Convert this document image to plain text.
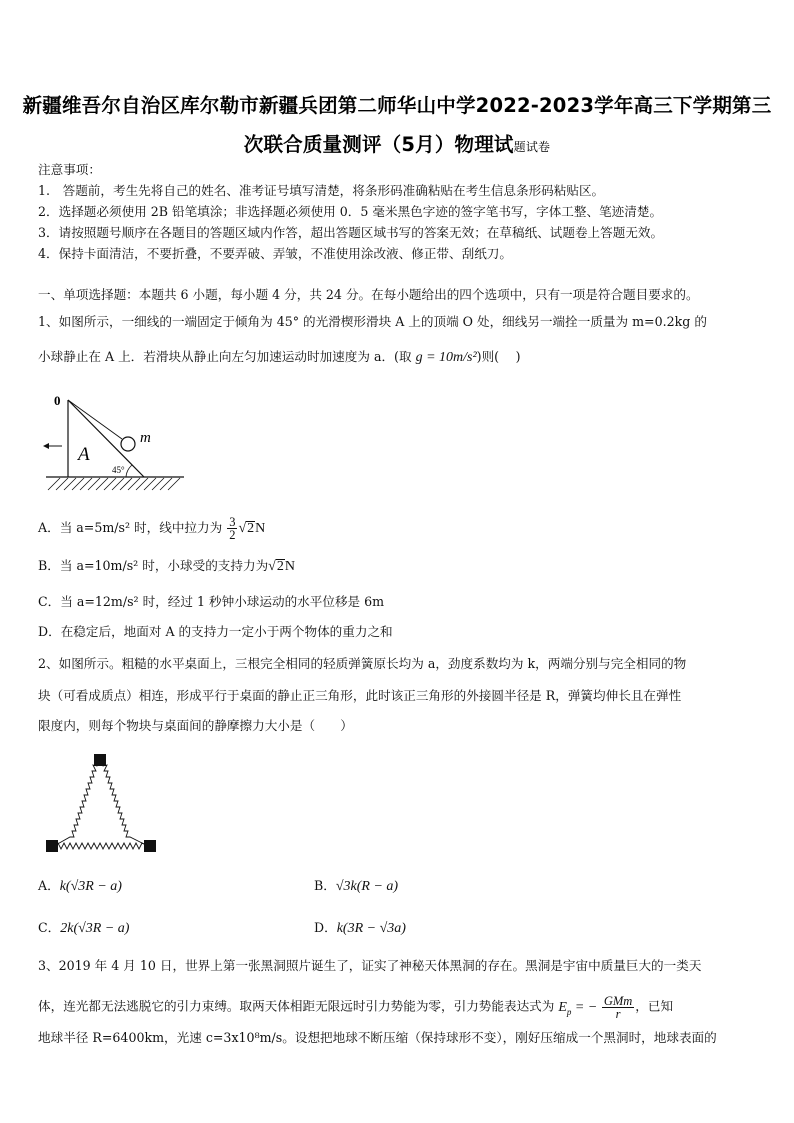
新疆维吾尔自治区库尔勒市新疆兵团第二师华山中学2022-2023学年高三下学期第三
次联合质量测评（5月）物理试题试卷
注意事项：
1.　答题前，考生先将自己的姓名、准考证号填写清楚，将条形码准确粘贴在考生信息条形码粘贴区。
2．选择题必须使用 2B 铅笔填涂；非选择题必须使用 0．5 毫米黑色字迹的签字笔书写，字体工整、笔迹清楚。
3．请按照题号顺序在各题目的答题区域内作答，超出答题区域书写的答案无效；在草稿纸、试题卷上答题无效。
4．保持卡面清洁，不要折叠，不要弄破、弄皱，不准使用涂改液、修正带、刮纸刀。
一、单项选择题：本题共 6 小题，每小题 4 分，共 24 分。在每小题给出的四个选项中，只有一项是符合题目要求的。
1、如图所示，一细线的一端固定于倾角为 45° 的光滑楔形滑块 A 上的顶端 O 处，细线另一端拴一质量为 m=0.2kg 的
小球静止在 A 上．若滑块从静止向左匀加速运动时加速度为 a．(取 g = 10m/s²)则(　 )
0
A
m
45°
A．当 a=5m/s² 时，线中拉力为 $\frac{3}{2} √2N$
B．当 a=10m/s² 时，小球受的支持力为√2N
C．当 a=12m/s² 时，经过 1 秒钟小球运动的水平位移是 6m
D．在稳定后，地面对 A 的支持力一定小于两个物体的重力之和
2、如图所示。粗糙的水平桌面上，三根完全相同的轻质弹簧原长均为 a，劲度系数均为 k，两端分别与完全相同的物
块（可看成质点）相连，形成平行于桌面的静止正三角形，此时该正三角形的外接圆半径是 R，弹簧均伸长且在弹性
限度内，则每个物块与桌面间的静摩擦力大小是（　　）
A．k(√3R − a)	B．√3k(R − a)
C．2k(√3R − a)	D．k(3R − √3a)
3、2019 年 4 月 10 日，世界上第一张黑洞照片诞生了，证实了神秘天体黑洞的存在。黑洞是宇宙中质量巨大的一类天
体，连光都无法逃脱它的引力束缚。取两天体相距无限远时引力势能为零，引力势能表达式为 $E_p$ = − $\frac{\text{GMm}}{r}$ ，已知
地球半径 R=6400km，光速 c=3x10⁸m/s。设想把地球不断压缩（保持球形不变），刚好压缩成一个黑洞时，地球表面的
